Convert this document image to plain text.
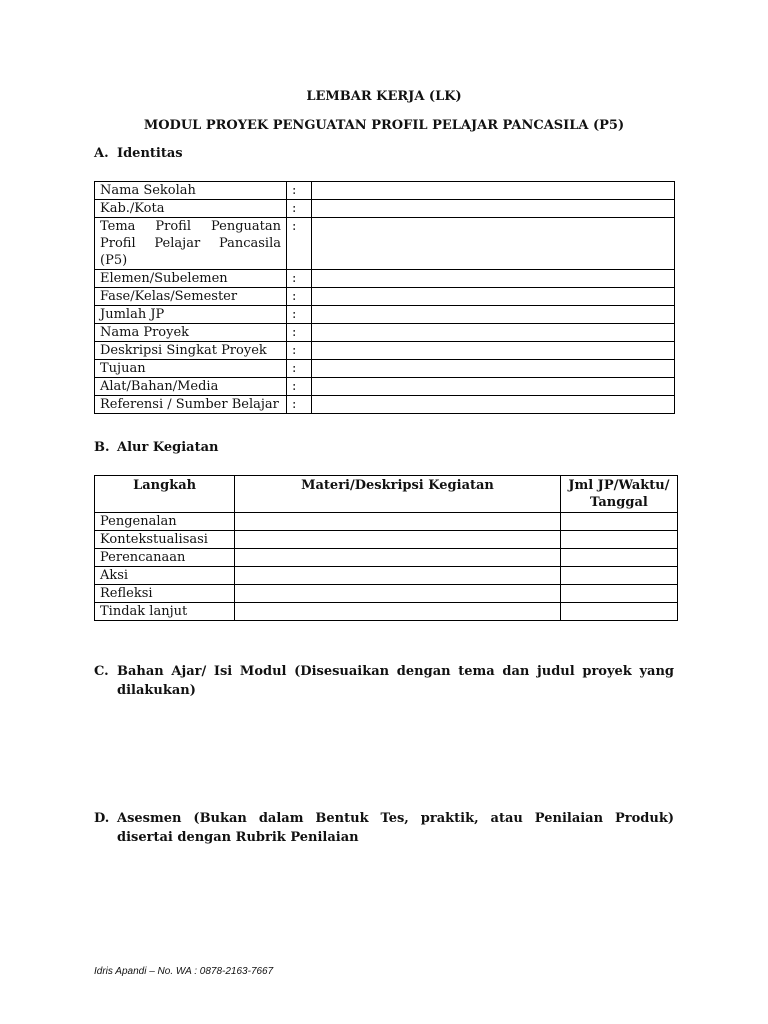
LEMBAR KERJA (LK)
MODUL PROYEK PENGUATAN PROFIL PELAJAR PANCASILA (P5)
A. Identitas
Nama Sekolah	:	
Kab./Kota	:	
Tema Profil Penguatan Profil Pelajar Pancasila (P5)	:	
Elemen/Subelemen	:	
Fase/Kelas/Semester	:	
Jumlah JP	:	
Nama Proyek	:	
Deskripsi Singkat Proyek	:	
Tujuan	:	
Alat/Bahan/Media	:	
Referensi / Sumber Belajar	:	
B. Alur Kegiatan
Langkah	Materi/Deskripsi Kegiatan	Jml JP/Waktu/ Tanggal
Pengenalan		
Kontekstualisasi		
Perencanaan		
Aksi		
Refleksi		
Tindak lanjut		
C. Bahan Ajar/ Isi Modul (Disesuaikan dengan tema dan judul proyek yang dilakukan)
D. Asesmen (Bukan dalam Bentuk Tes, praktik, atau Penilaian Produk) disertai dengan Rubrik Penilaian
Idris Apandi – No. WA : 0878-2163-7667
